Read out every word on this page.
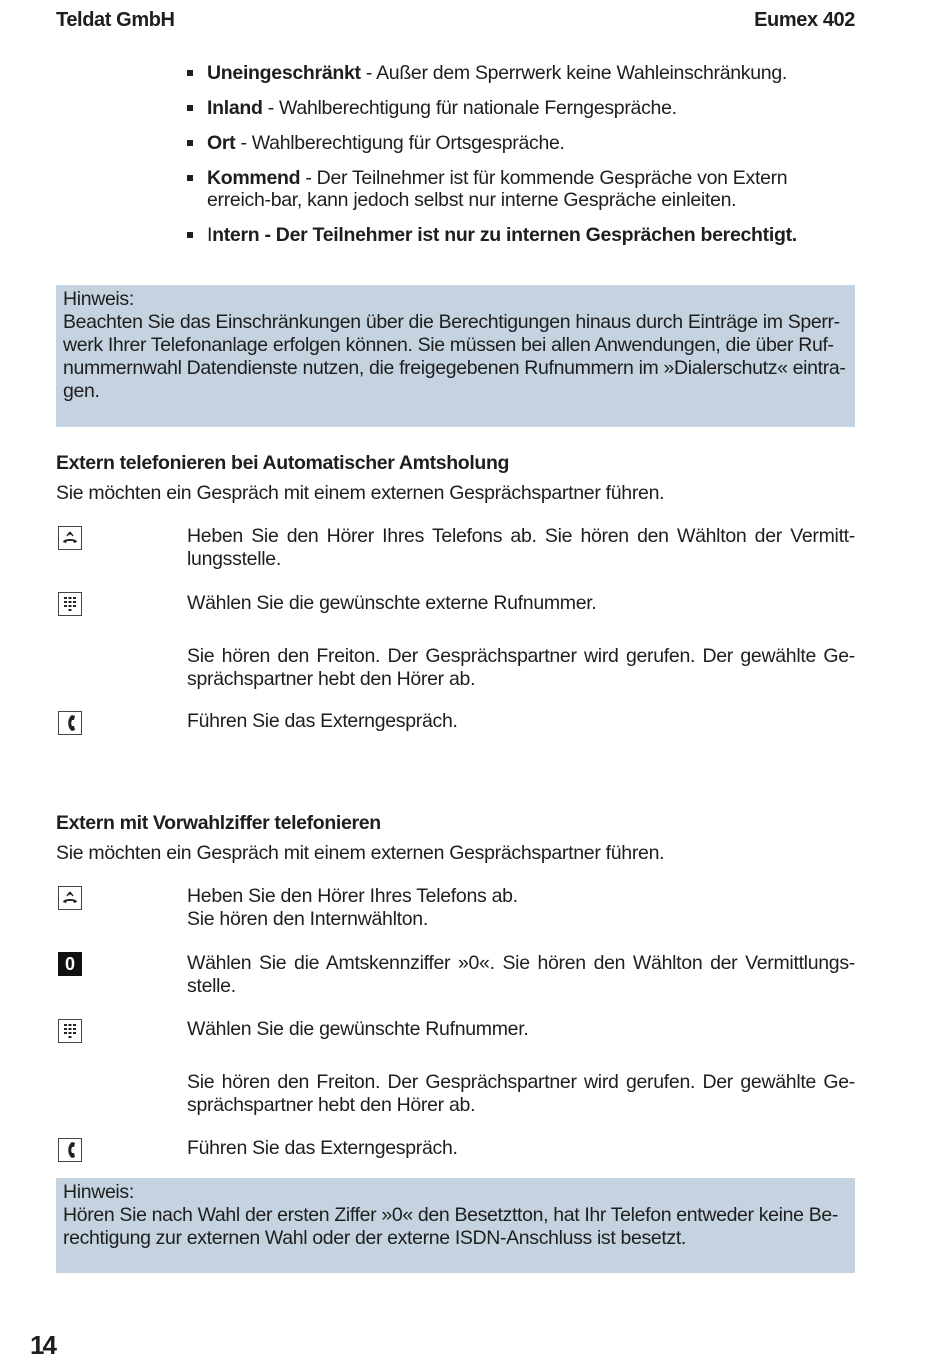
Teldat GmbH	Eumex 402
Uneingeschränkt - Außer dem Sperrwerk keine Wahleinschränkung.
Inland - Wahlberechtigung für nationale Ferngespräche.
Ort - Wahlberechtigung für Ortsgespräche.
Kommend - Der Teilnehmer ist für kommende Gespräche von Extern erreich-bar, kann jedoch selbst nur interne Gespräche einleiten.
Intern - Der Teilnehmer ist nur zu internen Gesprächen berechtigt.
Hinweis:
Beachten Sie das Einschränkungen über die Berechtigungen hinaus durch Einträge im Sperr-werk Ihrer Telefonanlage erfolgen können. Sie müssen bei allen Anwendungen, die über Ruf-nummernwahl Datendienste nutzen, die freigegebenen Rufnummern im »Dialerschutz« eintra-gen.
Extern telefonieren bei Automatischer Amtsholung
Sie möchten ein Gespräch mit einem externen Gesprächspartner führen.
Heben Sie den Hörer Ihres Telefons ab. Sie hören den Wählton der Vermitt-lungsstelle.
Wählen Sie die gewünschte externe Rufnummer.
Sie hören den Freiton. Der Gesprächspartner wird gerufen. Der gewählte Ge-sprächspartner hebt den Hörer ab.
Führen Sie das Externgespräch.
Extern mit Vorwahlziffer telefonieren
Sie möchten ein Gespräch mit einem externen Gesprächspartner führen.
Heben Sie den Hörer Ihres Telefons ab.
Sie hören den Internwählton.
0	Wählen Sie die Amtskennziffer »0«. Sie hören den Wählton der Vermittlungs-stelle.
Wählen Sie die gewünschte Rufnummer.
Sie hören den Freiton. Der Gesprächspartner wird gerufen. Der gewählte Ge-sprächspartner hebt den Hörer ab.
Führen Sie das Externgespräch.
Hinweis:
Hören Sie nach Wahl der ersten Ziffer »0« den Besetztton, hat Ihr Telefon entweder keine Be-rechtigung zur externen Wahl oder der externe ISDN-Anschluss ist besetzt.
14
